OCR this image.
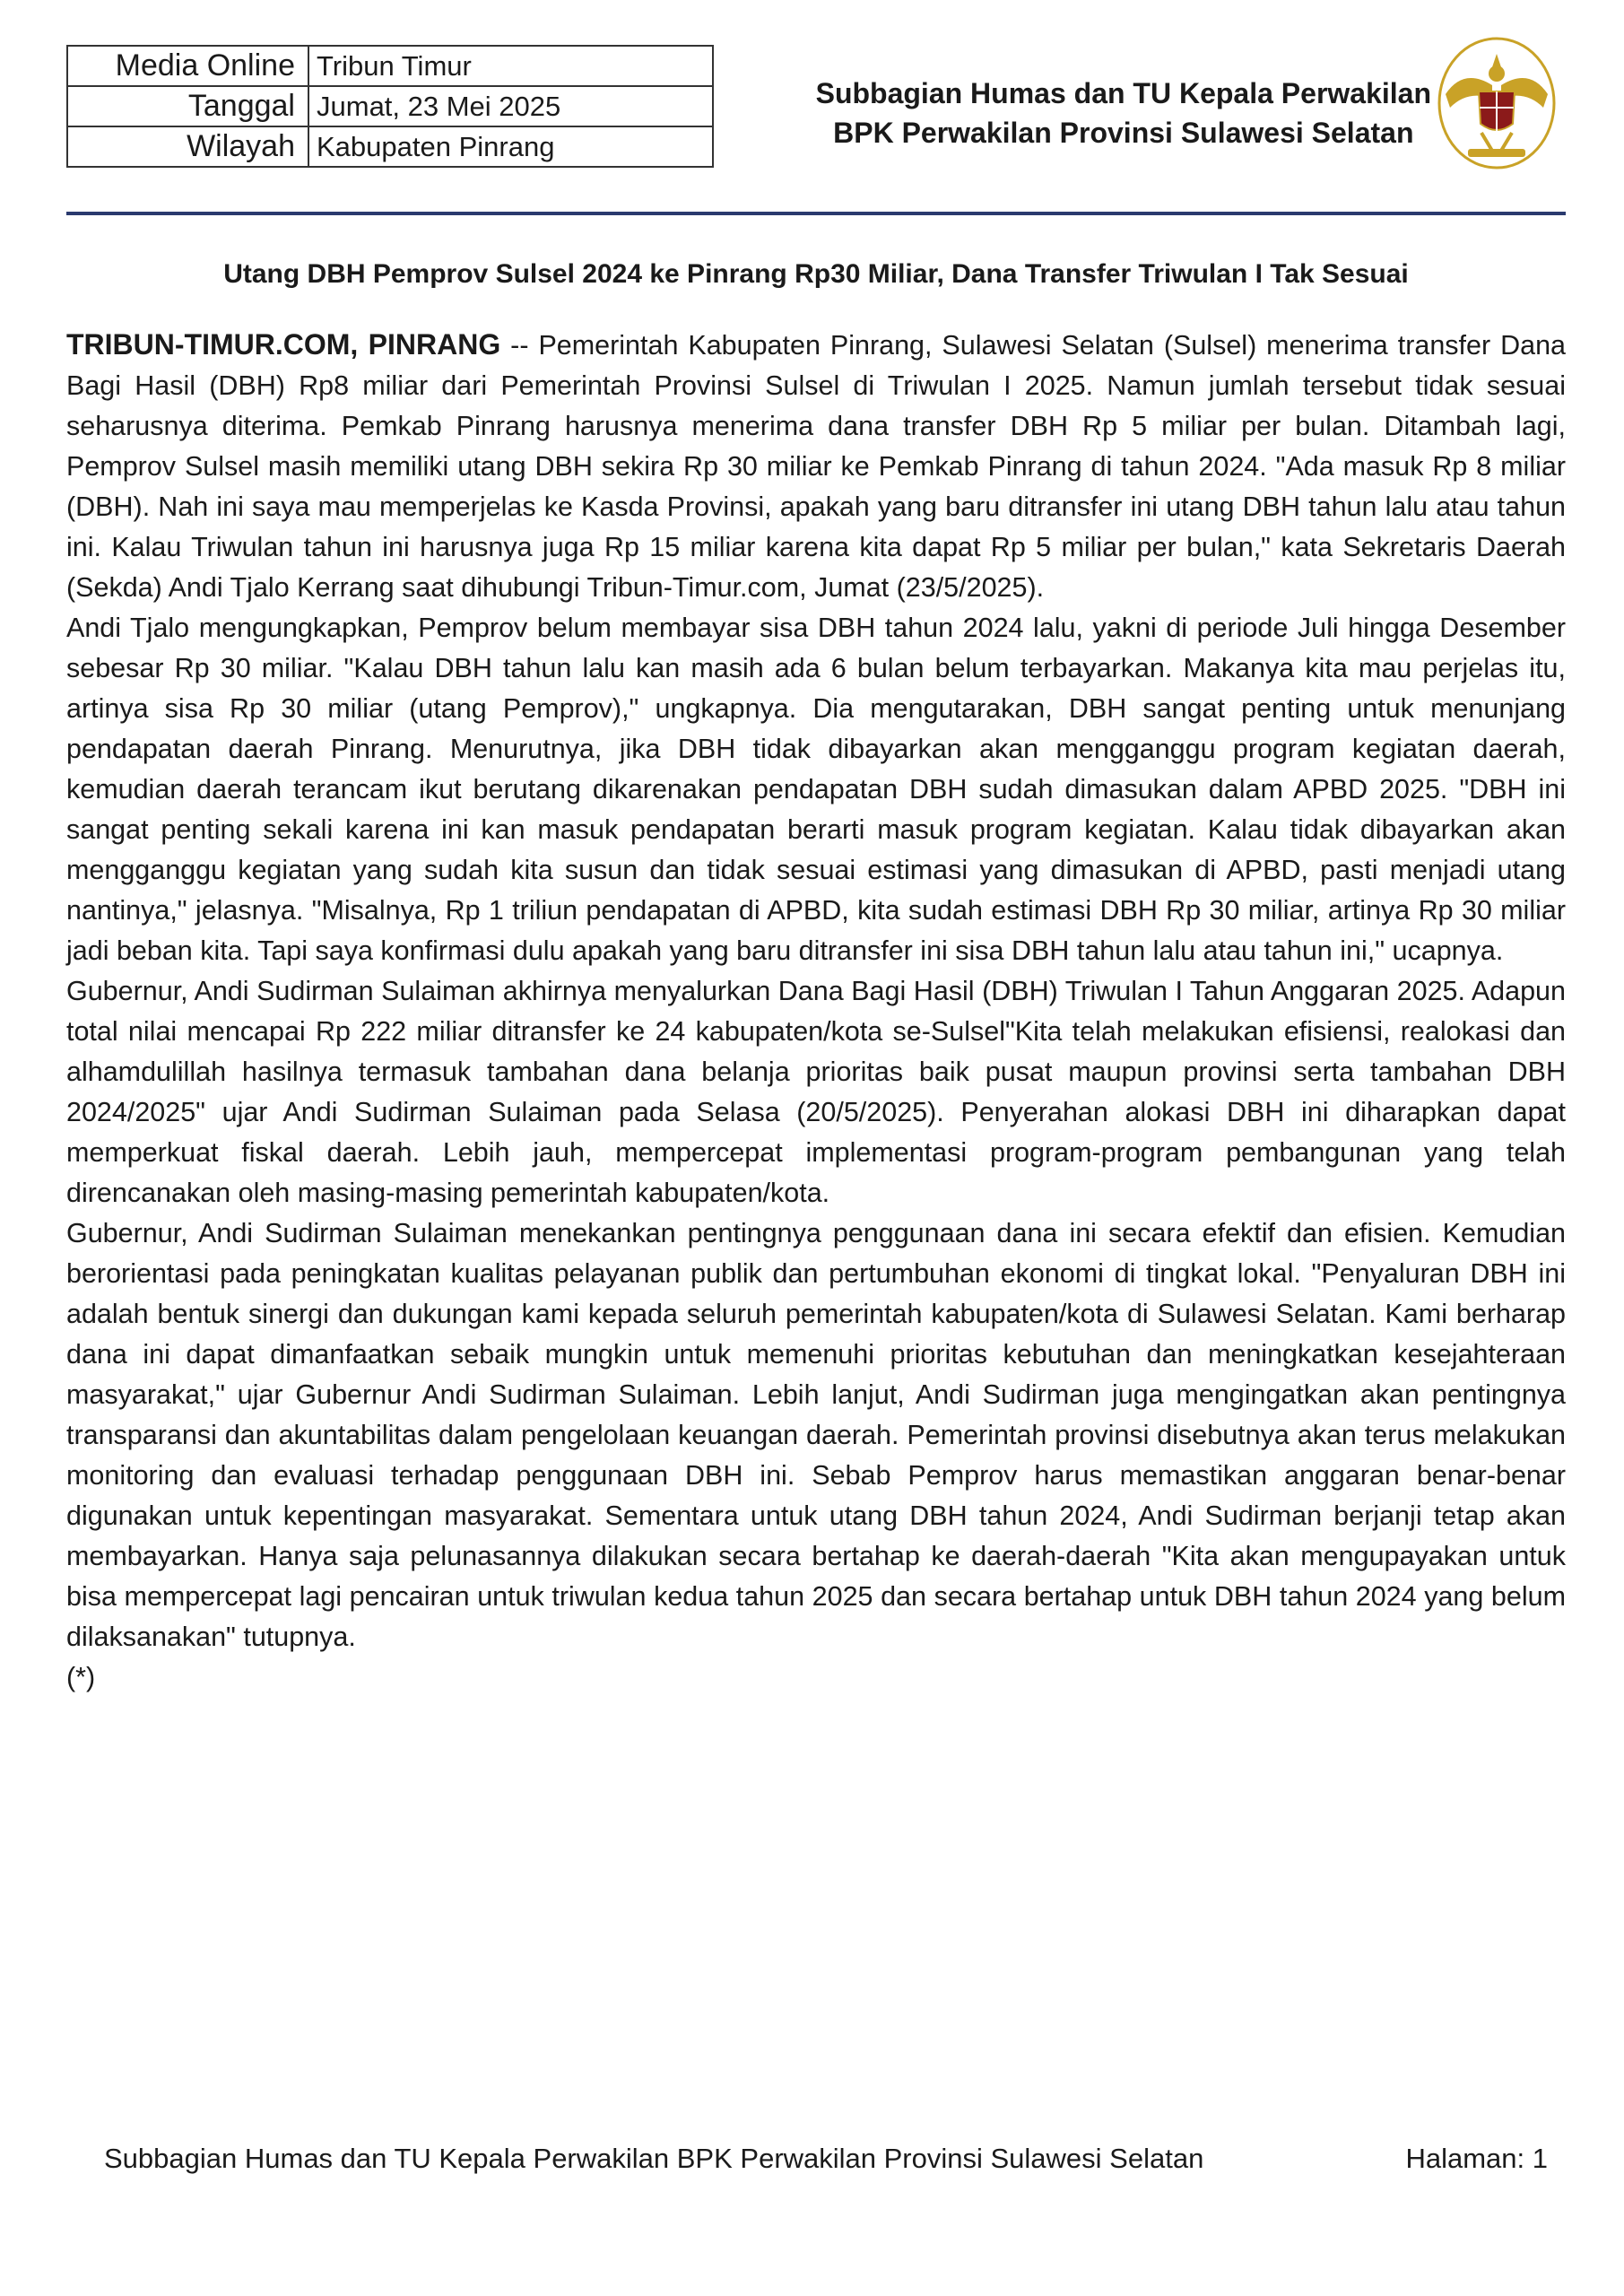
Media Online	Tribun Timur
Tanggal	Jumat, 23 Mei 2025
Wilayah	Kabupaten Pinrang
Subbagian Humas dan TU Kepala Perwakilan
BPK Perwakilan Provinsi Sulawesi Selatan
Utang DBH Pemprov Sulsel 2024 ke Pinrang Rp30 Miliar, Dana Transfer Triwulan I Tak Sesuai

TRIBUN-TIMUR.COM, PINRANG -- Pemerintah Kabupaten Pinrang, Sulawesi Selatan (Sulsel) menerima transfer Dana Bagi Hasil (DBH) Rp8 miliar dari Pemerintah Provinsi Sulsel di Triwulan I 2025. Namun jumlah tersebut tidak sesuai seharusnya diterima. Pemkab Pinrang harusnya menerima dana transfer DBH Rp 5 miliar per bulan. Ditambah lagi, Pemprov Sulsel masih memiliki utang DBH sekira Rp 30 miliar ke Pemkab Pinrang di tahun 2024. "Ada masuk Rp 8 miliar (DBH). Nah ini saya mau memperjelas ke Kasda Provinsi, apakah yang baru ditransfer ini utang DBH tahun lalu atau tahun ini. Kalau Triwulan tahun ini harusnya juga Rp 15 miliar karena kita dapat Rp 5 miliar per bulan," kata Sekretaris Daerah (Sekda) Andi Tjalo Kerrang saat dihubungi Tribun-Timur.com, Jumat (23/5/2025).

Andi Tjalo mengungkapkan, Pemprov belum membayar sisa DBH tahun 2024 lalu, yakni di periode Juli hingga Desember sebesar Rp 30 miliar. "Kalau DBH tahun lalu kan masih ada 6 bulan belum terbayarkan. Makanya kita mau perjelas itu, artinya sisa Rp 30 miliar (utang Pemprov)," ungkapnya. Dia mengutarakan, DBH sangat penting untuk menunjang pendapatan daerah Pinrang. Menurutnya, jika DBH tidak dibayarkan akan mengganggu program kegiatan daerah, kemudian daerah terancam ikut berutang dikarenakan pendapatan DBH sudah dimasukan dalam APBD 2025. "DBH ini sangat penting sekali karena ini kan masuk pendapatan berarti masuk program kegiatan. Kalau tidak dibayarkan akan mengganggu kegiatan yang sudah kita susun dan tidak sesuai estimasi yang dimasukan di APBD, pasti menjadi utang nantinya," jelasnya. "Misalnya, Rp 1 triliun pendapatan di APBD, kita sudah estimasi DBH Rp 30 miliar, artinya Rp 30 miliar jadi beban kita. Tapi saya konfirmasi dulu apakah yang baru ditransfer ini sisa DBH tahun lalu atau tahun ini," ucapnya.

Gubernur, Andi Sudirman Sulaiman akhirnya menyalurkan Dana Bagi Hasil (DBH) Triwulan I Tahun Anggaran 2025. Adapun total nilai mencapai Rp 222 miliar ditransfer ke 24 kabupaten/kota se-Sulsel"Kita telah melakukan efisiensi, realokasi dan alhamdulillah hasilnya termasuk tambahan dana belanja prioritas baik pusat maupun provinsi serta tambahan DBH 2024/2025" ujar Andi Sudirman Sulaiman pada Selasa (20/5/2025). Penyerahan alokasi DBH ini diharapkan dapat memperkuat fiskal daerah. Lebih jauh, mempercepat implementasi program-program pembangunan yang telah direncanakan oleh masing-masing pemerintah kabupaten/kota.

Gubernur, Andi Sudirman Sulaiman menekankan pentingnya penggunaan dana ini secara efektif dan efisien. Kemudian berorientasi pada peningkatan kualitas pelayanan publik dan pertumbuhan ekonomi di tingkat lokal. "Penyaluran DBH ini adalah bentuk sinergi dan dukungan kami kepada seluruh pemerintah kabupaten/kota di Sulawesi Selatan. Kami berharap dana ini dapat dimanfaatkan sebaik mungkin untuk memenuhi prioritas kebutuhan dan meningkatkan kesejahteraan masyarakat," ujar Gubernur Andi Sudirman Sulaiman. Lebih lanjut, Andi Sudirman juga mengingatkan akan pentingnya transparansi dan akuntabilitas dalam pengelolaan keuangan daerah. Pemerintah provinsi disebutnya akan terus melakukan monitoring dan evaluasi terhadap penggunaan DBH ini. Sebab Pemprov harus memastikan anggaran benar-benar digunakan untuk kepentingan masyarakat. Sementara untuk utang DBH tahun 2024, Andi Sudirman berjanji tetap akan membayarkan. Hanya saja pelunasannya dilakukan secara bertahap ke daerah-daerah "Kita akan mengupayakan untuk bisa mempercepat lagi pencairan untuk triwulan kedua tahun 2025 dan secara bertahap untuk DBH tahun 2024 yang belum dilaksanakan" tutupnya.

(*)

Subbagian Humas dan TU Kepala Perwakilan BPK Perwakilan Provinsi Sulawesi Selatan	Halaman: 1
